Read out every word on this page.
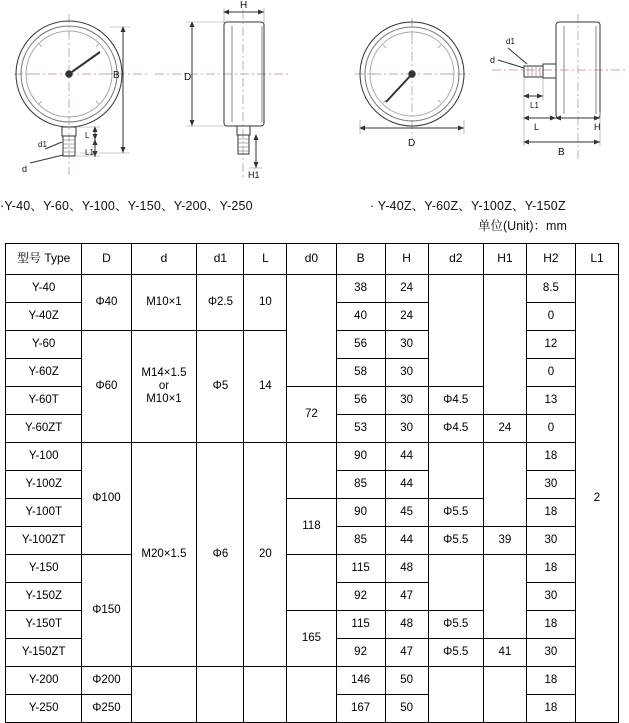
B
d1
L
L1
d
H
D
H1
D
d1
d
L1
L	H
B
·Y-40、Y-60、Y-100、Y-150、Y-200、Y-250	· Y-40Z、Y-60Z、Y-100Z、Y-150Z
单位(Unit)：mm
型号 Type	D	d	d1	L	d0	B	H	d2	H1	H2	L1
Y-40	Φ40	M10×1	Φ2.5	10		38	24			8.5	2
Y-40Z						40	24			0	
Y-60	Φ60	M14×1.5
or
M10×1	Φ5	14		56	30			12	
Y-60Z						58	30			0	
Y-60T					72	56	30	Φ4.5		13	
Y-60ZT						53	30	Φ4.5	24	0	
Y-100	Φ100	M20×1.5	Φ6	20		90	44			18	
Y-100Z						85	44			30	
Y-100T					118	90	45	Φ5.5		18	
Y-100ZT						85	44	Φ5.5	39	30	
Y-150	Φ150					115	48			18	
Y-150Z						92	47			30	
Y-150T					165	115	48	Φ5.5		18	
Y-150ZT						92	47	Φ5.5	41	30	
Y-200	Φ200					146	50			18	
Y-250	Φ250					167	50			18	
